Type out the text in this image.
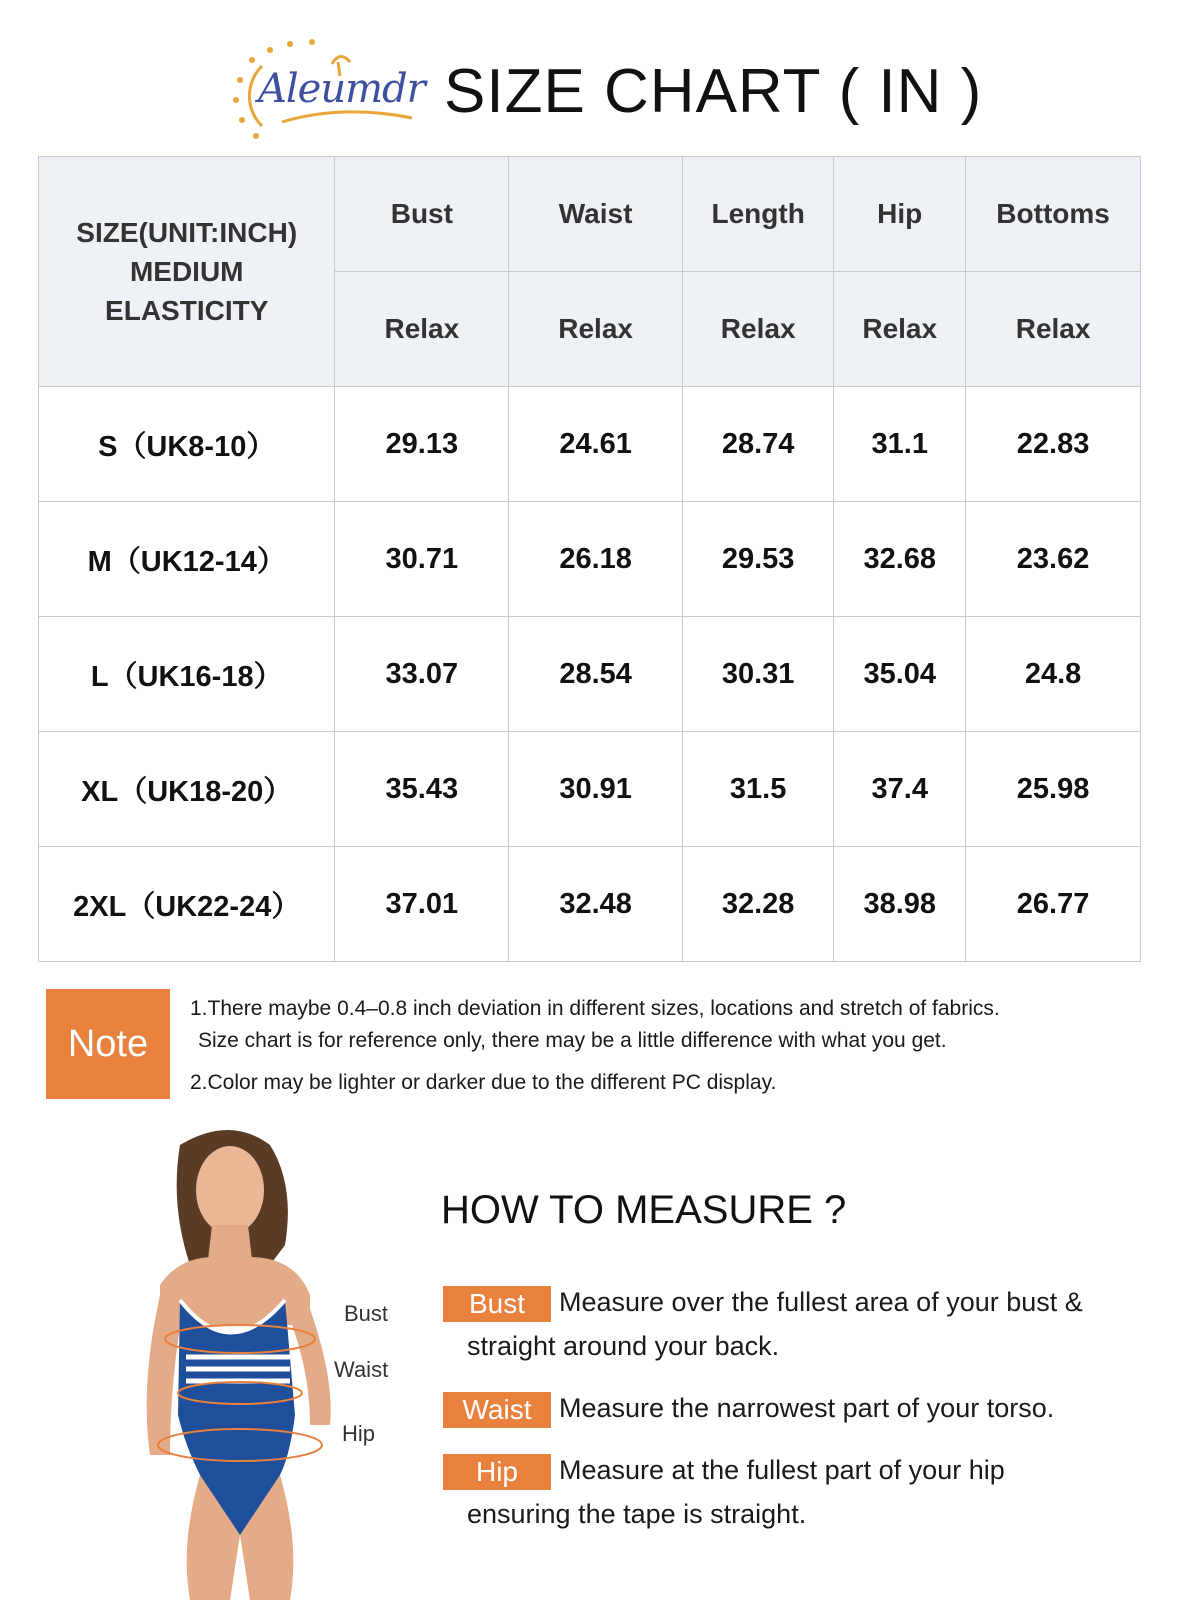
Aleumdr SIZE CHART ( IN )
SIZE(UNIT:INCH)
MEDIUM
ELASTICITY	Bust	Waist	Length	Hip	Bottoms
	Relax	Relax	Relax	Relax	Relax
S（UK8-10）	29.13	24.61	28.74	31.1	22.83
M（UK12-14）	30.71	26.18	29.53	32.68	23.62
L（UK16-18）	33.07	28.54	30.31	35.04	24.8
XL（UK18-20）	35.43	30.91	31.5	37.4	25.98
2XL（UK22-24）	37.01	32.48	32.28	38.98	26.77
Note
1.There maybe 0.4–0.8 inch deviation in different sizes, locations and stretch of fabrics.
Size chart is for reference only, there may be a little difference with what you get.
2.Color may be lighter or darker due to the different PC display.
Bust
Waist
Hip
HOW TO MEASURE ?
Bust Measure over the fullest area of your bust &
straight around your back.
Waist Measure the narrowest part of your torso.
Hip Measure at the fullest part of your hip
ensuring the tape is straight.
